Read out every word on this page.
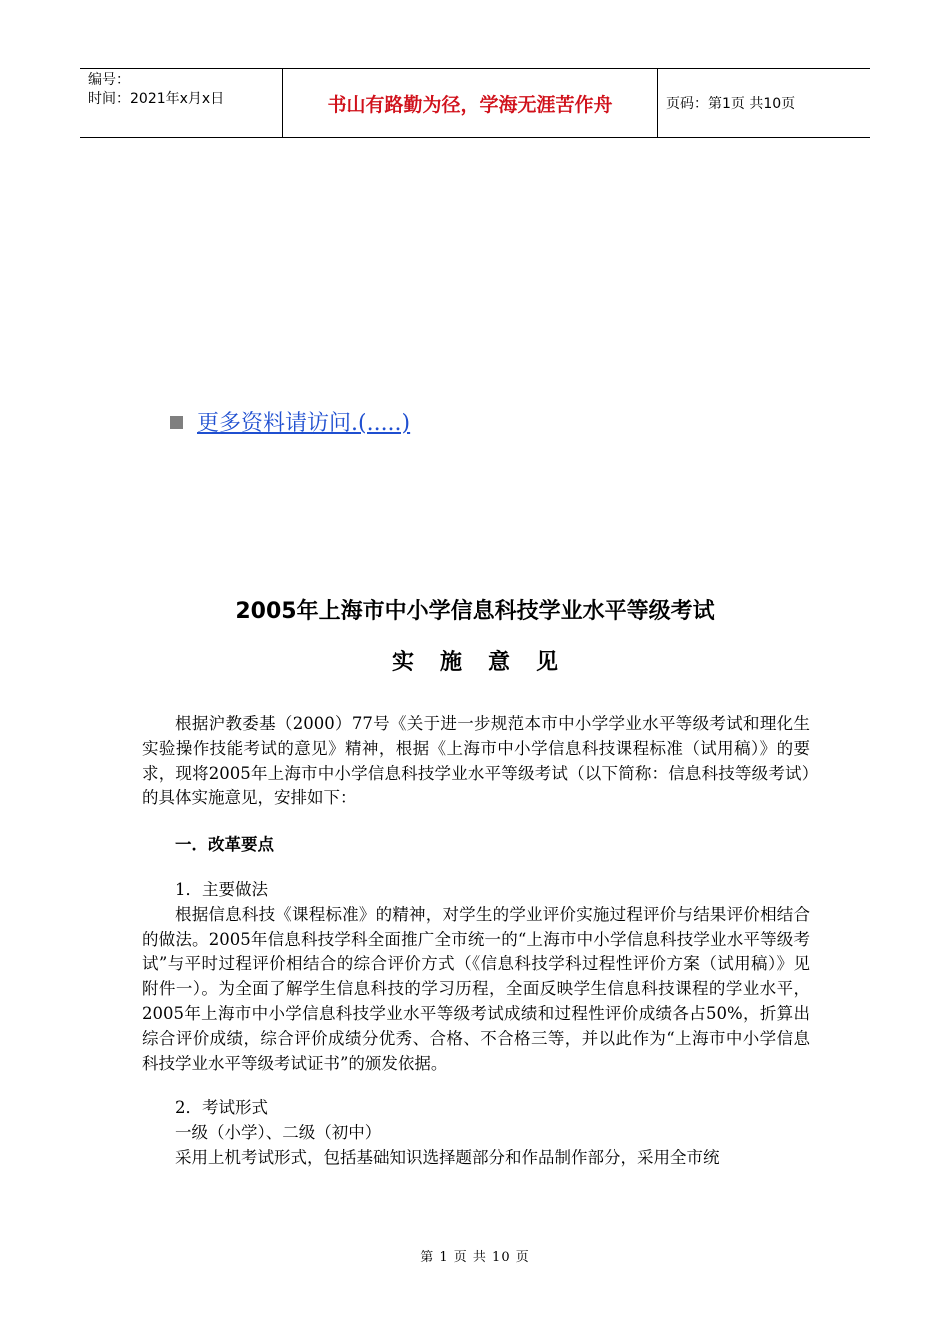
编号：
时间：2021年x月x日	书山有路勤为径，学海无涯苦作舟	页码：第1页 共10页
更多资料请访问.(.....)
2005年上海市中小学信息科技学业水平等级考试
实施意见

根据沪教委基（2000）77号《关于进一步规范本市中小学学业水平等级考试和理化生实验操作技能考试的意见》精神，根据《上海市中小学信息科技课程标准（试用稿）》的要求，现将2005年上海市中小学信息科技学业水平等级考试（以下简称：信息科技等级考试）的具体实施意见，安排如下：

一．改革要点

1．主要做法

根据信息科技《课程标准》的精神，对学生的学业评价实施过程评价与结果评价相结合的做法。2005年信息科技学科全面推广全市统一的“上海市中小学信息科技学业水平等级考试”与平时过程评价相结合的综合评价方式（《信息科技学科过程性评价方案（试用稿）》见附件一）。为全面了解学生信息科技的学习历程，全面反映学生信息科技课程的学业水平，2005年上海市中小学信息科技学业水平等级考试成绩和过程性评价成绩各占50%，折算出综合评价成绩，综合评价成绩分优秀、合格、不合格三等，并以此作为“上海市中小学信息科技学业水平等级考试证书”的颁发依据。

2．考试形式

一级（小学）、二级（初中）

采用上机考试形式，包括基础知识选择题部分和作品制作部分，采用全市统

第 1 页 共 10 页
